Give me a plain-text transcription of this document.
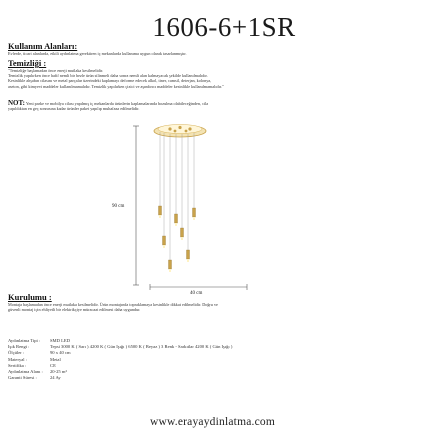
1606-6+1SR
Kullanım Alanları:
Evlerde, ticari alanlarda, etkili aydınlatma gerektiren iç mekanlarda kullanıma uygun olarak tasarlanmıştır.
Temizliği :
"Temizliğe başlamadan önce enerji mutlaka kesilmelidir.
Temizlik yapılırken önce hafif nemli bir bezle ürün silinmeli daha sonra nemli alan kalmayacak şekilde kullanılmalıdır.
Kesinlikle ahşabın cilasını ve metal parçalar üzerindeki kaplamayı deforme edecek alkol, tiner, camsil, deterjan, kolonya,
aseton, gibi kimyevi maddeler kullanılmamalıdır. Temizlik yapılırken çizici ve aşındırıcı maddeler kesinlikle kullanılmamalıdır."
NOT: Yeni parke ve mobilya cilası yapılmış iç mekanlarda ürünlerin kaplamalarında bozulma olabileceğinden, cila
yapıldıktan en geç sonrasına kadar ürünler paket yapılıp muhafaza edilmelidir.
90 cm
40 cm
Kurulumu :
Montaja başlamadan önce enerji mutlaka kesilmelidir. Ürün montajında topraklamaya kesinlikle dikkat edilmelidir. Doğru ve
güvenli montaj için ehliyetli bir elektrikçiye müracaat edilmesi daha uygundur.
Aydınlatma Tipi :	SMD LED
Işık Rengi :	Tepsi 3000 K ( Sarı ) 4200 K ( Gün Işığı ) 6500 K ( Beyaz ) 3 Renk - Sarkıtlar 4200 K ( Gün Işığı )
Ölçüler :	90 x 40 cm
Materyal :	Metal
Sertifika :	CE
Aydınlatma Alanı :	20-25 m²
Garanti Süresi :	24 Ay
www.erayaydinlatma.com
